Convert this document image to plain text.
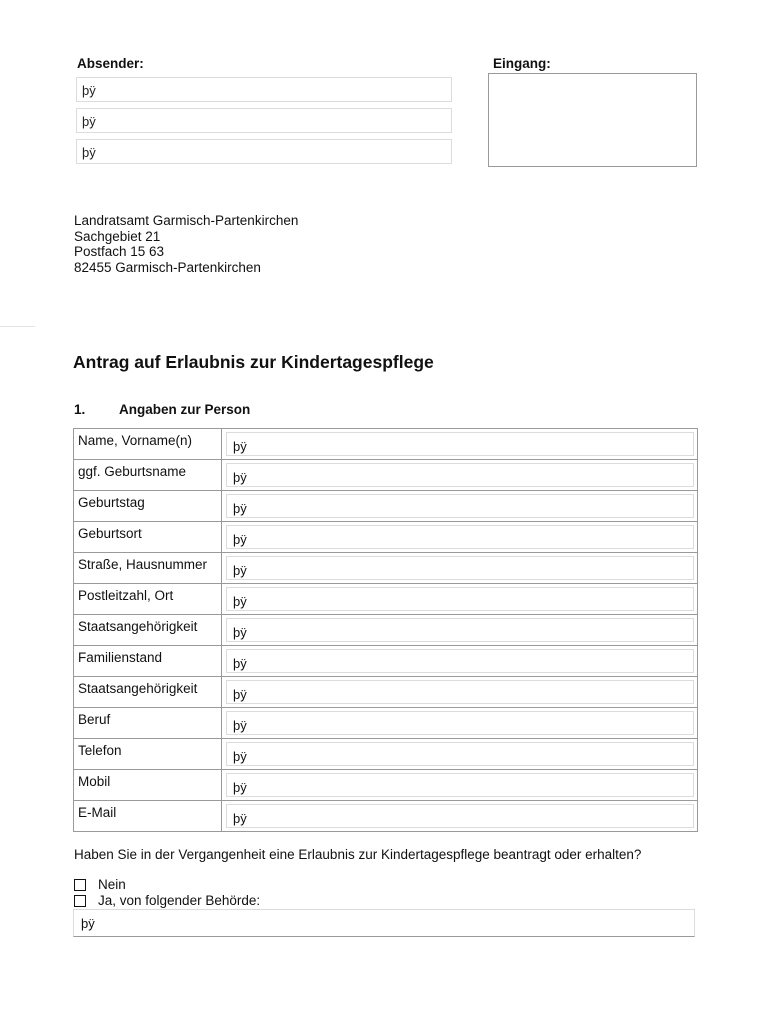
Absender:
þÿ
þÿ
þÿ
Eingang:
Landratsamt Garmisch-Partenkirchen
Sachgebiet 21
Postfach 15 63
82455 Garmisch-Partenkirchen
Antrag auf Erlaubnis zur Kindertagespflege
1. Angaben zur Person
Name, Vorname(n)	þÿ
ggf. Geburtsname	þÿ
Geburtstag	þÿ
Geburtsort	þÿ
Straße, Hausnummer	þÿ
Postleitzahl, Ort	þÿ
Staatsangehörigkeit	þÿ
Familienstand	þÿ
Staatsangehörigkeit	þÿ
Beruf	þÿ
Telefon	þÿ
Mobil	þÿ
E-Mail	þÿ
Haben Sie in der Vergangenheit eine Erlaubnis zur Kindertagespflege beantragt oder erhalten?
Nein
Ja, von folgender Behörde:
þÿ
